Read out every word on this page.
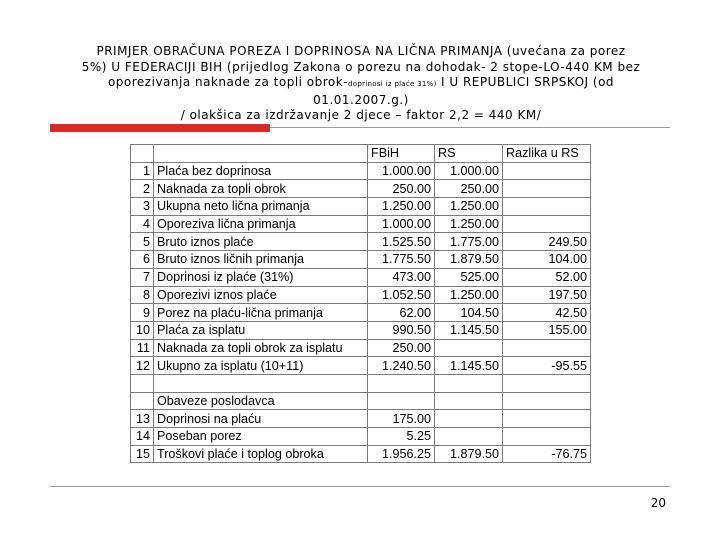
PRIMJER OBRAČUNA POREZA I DOPRINOSA NA LIČNA PRIMANJA (uvećana za porez
5%) U FEDERACIJI BIH (prijedlog Zakona o porezu na dohodak- 2 stope-LO-440 KM bez
oporezivanja naknade za topli obrok-doprinosi iz plaće 31%) I U REPUBLICI SRPSKOJ (od
01.01.2007.g.)
/ olakšica za izdržavanje 2 djece – faktor 2,2 = 440 KM/
		FBiH	RS	Razlika u RS
1	Plaća bez doprinosa	1.000.00	1.000.00	
2	Naknada za topli obrok	250.00	250.00	
3	Ukupna neto lična primanja	1.250.00	1.250.00	
4	Oporeziva lična primanja	1.000.00	1.250.00	
5	Bruto iznos plaće	1.525.50	1.775.00	249.50
6	Bruto iznos ličnih primanja	1.775.50	1.879.50	104.00
7	Doprinosi iz plaće (31%)	473.00	525.00	52.00
8	Oporezivi iznos plaće	1.052.50	1.250.00	197.50
9	Porez na plaću-lična primanja	62.00	104.50	42.50
10	Plaća za isplatu	990.50	1.145.50	155.00
11	Naknada za topli obrok za isplatu	250.00		
12	Ukupno za isplatu (10+11)	1.240.50	1.145.50	-95.55

	Obaveze poslodavca			
13	Doprinosi na plaću	175.00		
14	Poseban porez	5.25		
15	Troškovi plaće i toplog obroka	1.956.25	1.879.50	-76.75
20
